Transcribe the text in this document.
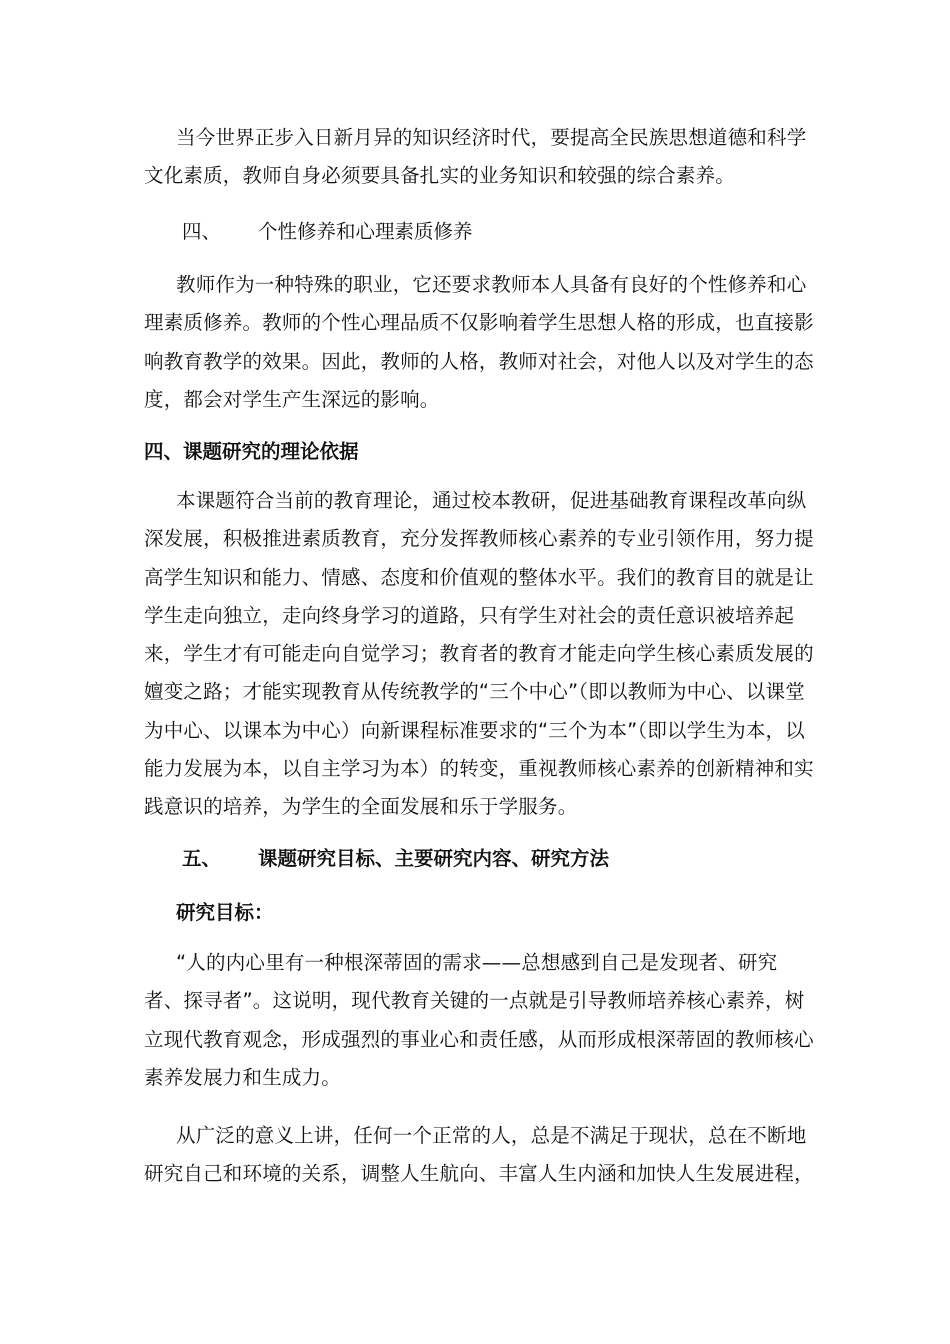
当今世界正步入日新月异的知识经济时代，要提高全民族思想道德和科学文化素质，教师自身必须要具备扎实的业务知识和较强的综合素养。

四、 个性修养和心理素质修养

教师作为一种特殊的职业，它还要求教师本人具备有良好的个性修养和心理素质修养。教师的个性心理品质不仅影响着学生思想人格的形成，也直接影响教育教学的效果。因此，教师的人格，教师对社会，对他人以及对学生的态度，都会对学生产生深远的影响。

四、课题研究的理论依据

本课题符合当前的教育理论，通过校本教研，促进基础教育课程改革向纵深发展，积极推进素质教育，充分发挥教师核心素养的专业引领作用，努力提高学生知识和能力、情感、态度和价值观的整体水平。我们的教育目的就是让学生走向独立，走向终身学习的道路，只有学生对社会的责任意识被培养起来，学生才有可能走向自觉学习；教育者的教育才能走向学生核心素质发展的嬗变之路；才能实现教育从传统教学的“三个中心”（即以教师为中心、以课堂为中心、以课本为中心）向新课程标准要求的“三个为本”（即以学生为本，以能力发展为本，以自主学习为本）的转变，重视教师核心素养的创新精神和实践意识的培养，为学生的全面发展和乐于学服务。

五、 课题研究目标、主要研究内容、研究方法

研究目标：

“人的内心里有一种根深蒂固的需求——总想感到自己是发现者、研究者、探寻者”。这说明，现代教育关键的一点就是引导教师培养核心素养，树立现代教育观念，形成强烈的事业心和责任感，从而形成根深蒂固的教师核心素养发展力和生成力。

从广泛的意义上讲，任何一个正常的人，总是不满足于现状，总在不断地研究自己和环境的关系，调整人生航向、丰富人生内涵和加快人生发展进程，
